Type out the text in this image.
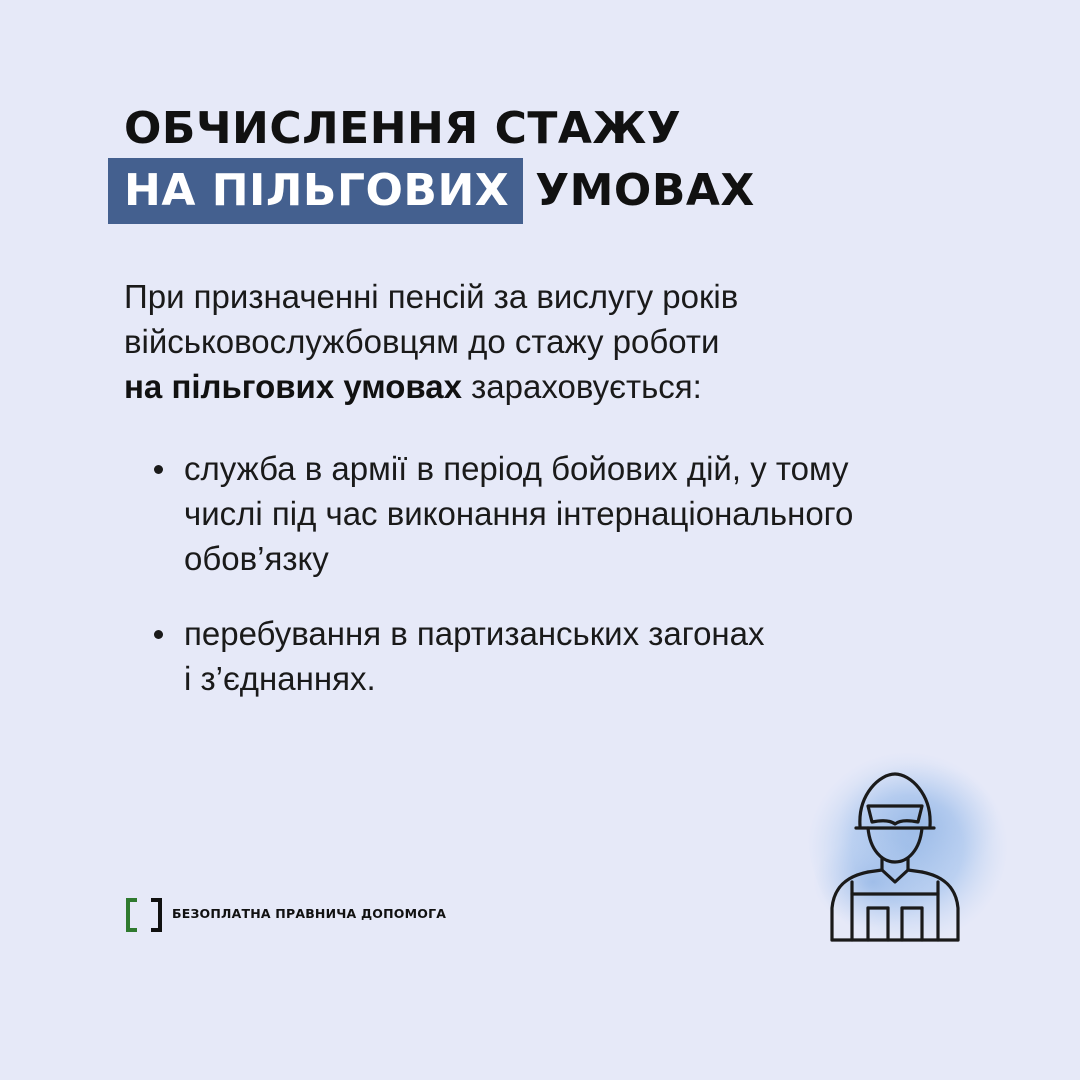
ОБЧИСЛЕННЯ СТАЖУ
НА ПІЛЬГОВИХ УМОВАХ
При призначенні пенсій за вислугу років
військовослужбовцям до стажу роботи
на пільгових умовах зараховується:
служба в армії в період бойових дій, у тому
числі під час виконання інтернаціонального
обов’язку
перебування в партизанських загонах
і з’єднаннях.
БЕЗОПЛАТНА ПРАВНИЧА ДОПОМОГА
